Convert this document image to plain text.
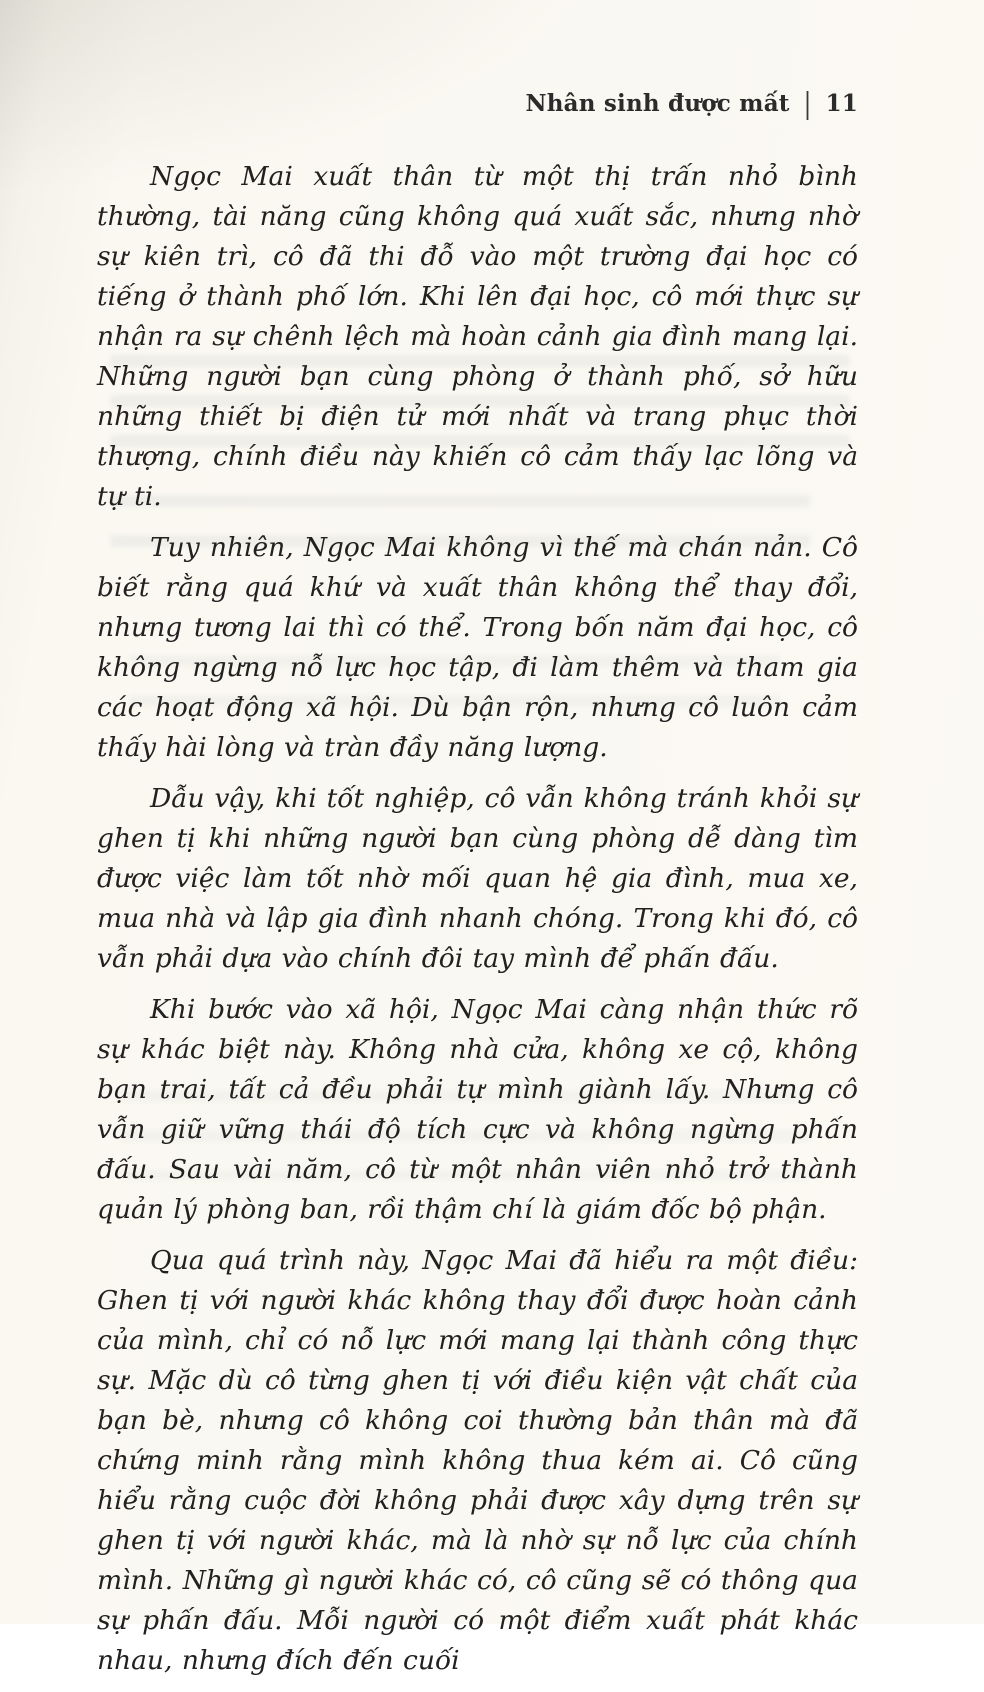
Nhân sinh được mất | 11

Ngọc Mai xuất thân từ một thị trấn nhỏ bình thường, tài năng cũng không quá xuất sắc, nhưng nhờ sự kiên trì, cô đã thi đỗ vào một trường đại học có tiếng ở thành phố lớn. Khi lên đại học, cô mới thực sự nhận ra sự chênh lệch mà hoàn cảnh gia đình mang lại. Những người bạn cùng phòng ở thành phố, sở hữu những thiết bị điện tử mới nhất và trang phục thời thượng, chính điều này khiến cô cảm thấy lạc lõng và tự ti.

Tuy nhiên, Ngọc Mai không vì thế mà chán nản. Cô biết rằng quá khứ và xuất thân không thể thay đổi, nhưng tương lai thì có thể. Trong bốn năm đại học, cô không ngừng nỗ lực học tập, đi làm thêm và tham gia các hoạt động xã hội. Dù bận rộn, nhưng cô luôn cảm thấy hài lòng và tràn đầy năng lượng.

Dẫu vậy, khi tốt nghiệp, cô vẫn không tránh khỏi sự ghen tị khi những người bạn cùng phòng dễ dàng tìm được việc làm tốt nhờ mối quan hệ gia đình, mua xe, mua nhà và lập gia đình nhanh chóng. Trong khi đó, cô vẫn phải dựa vào chính đôi tay mình để phấn đấu.

Khi bước vào xã hội, Ngọc Mai càng nhận thức rõ sự khác biệt này. Không nhà cửa, không xe cộ, không bạn trai, tất cả đều phải tự mình giành lấy. Nhưng cô vẫn giữ vững thái độ tích cực và không ngừng phấn đấu. Sau vài năm, cô từ một nhân viên nhỏ trở thành quản lý phòng ban, rồi thậm chí là giám đốc bộ phận.

Qua quá trình này, Ngọc Mai đã hiểu ra một điều: Ghen tị với người khác không thay đổi được hoàn cảnh của mình, chỉ có nỗ lực mới mang lại thành công thực sự. Mặc dù cô từng ghen tị với điều kiện vật chất của bạn bè, nhưng cô không coi thường bản thân mà đã chứng minh rằng mình không thua kém ai. Cô cũng hiểu rằng cuộc đời không phải được xây dựng trên sự ghen tị với người khác, mà là nhờ sự nỗ lực của chính mình. Những gì người khác có, cô cũng sẽ có thông qua sự phấn đấu. Mỗi người có một điểm xuất phát khác nhau, nhưng đích đến cuối
